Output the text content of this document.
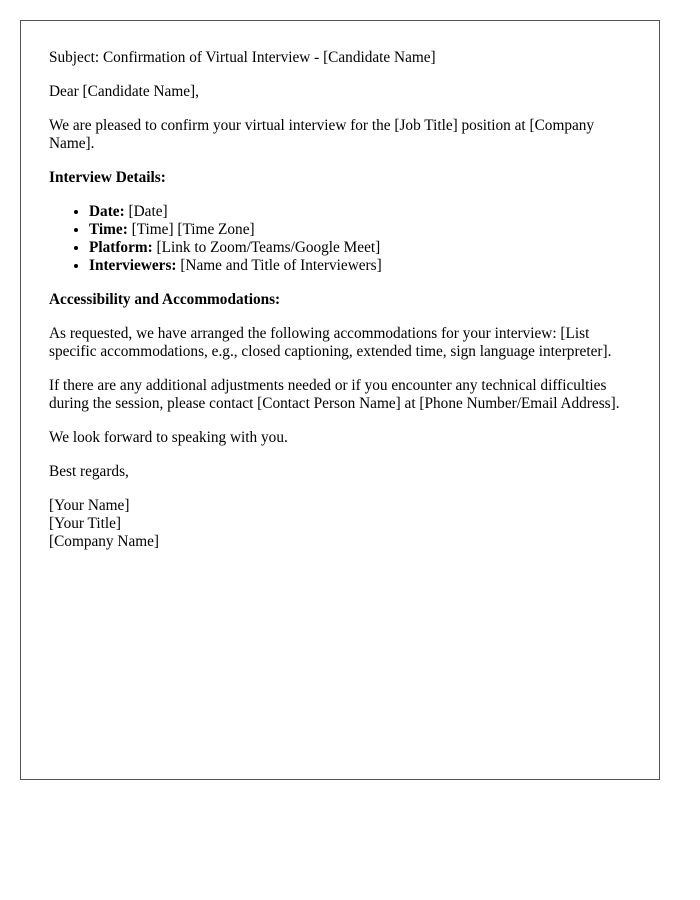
Subject: Confirmation of Virtual Interview - [Candidate Name]

Dear [Candidate Name],

We are pleased to confirm your virtual interview for the [Job Title] position at [Company Name].

Interview Details:

• Date: [Date]
• Time: [Time] [Time Zone]
• Platform: [Link to Zoom/Teams/Google Meet]
• Interviewers: [Name and Title of Interviewers]

Accessibility and Accommodations:

As requested, we have arranged the following accommodations for your interview: [List specific accommodations, e.g., closed captioning, extended time, sign language interpreter].

If there are any additional adjustments needed or if you encounter any technical difficulties during the session, please contact [Contact Person Name] at [Phone Number/Email Address].

We look forward to speaking with you.

Best regards,

[Your Name]

[Your Title]

[Company Name]
